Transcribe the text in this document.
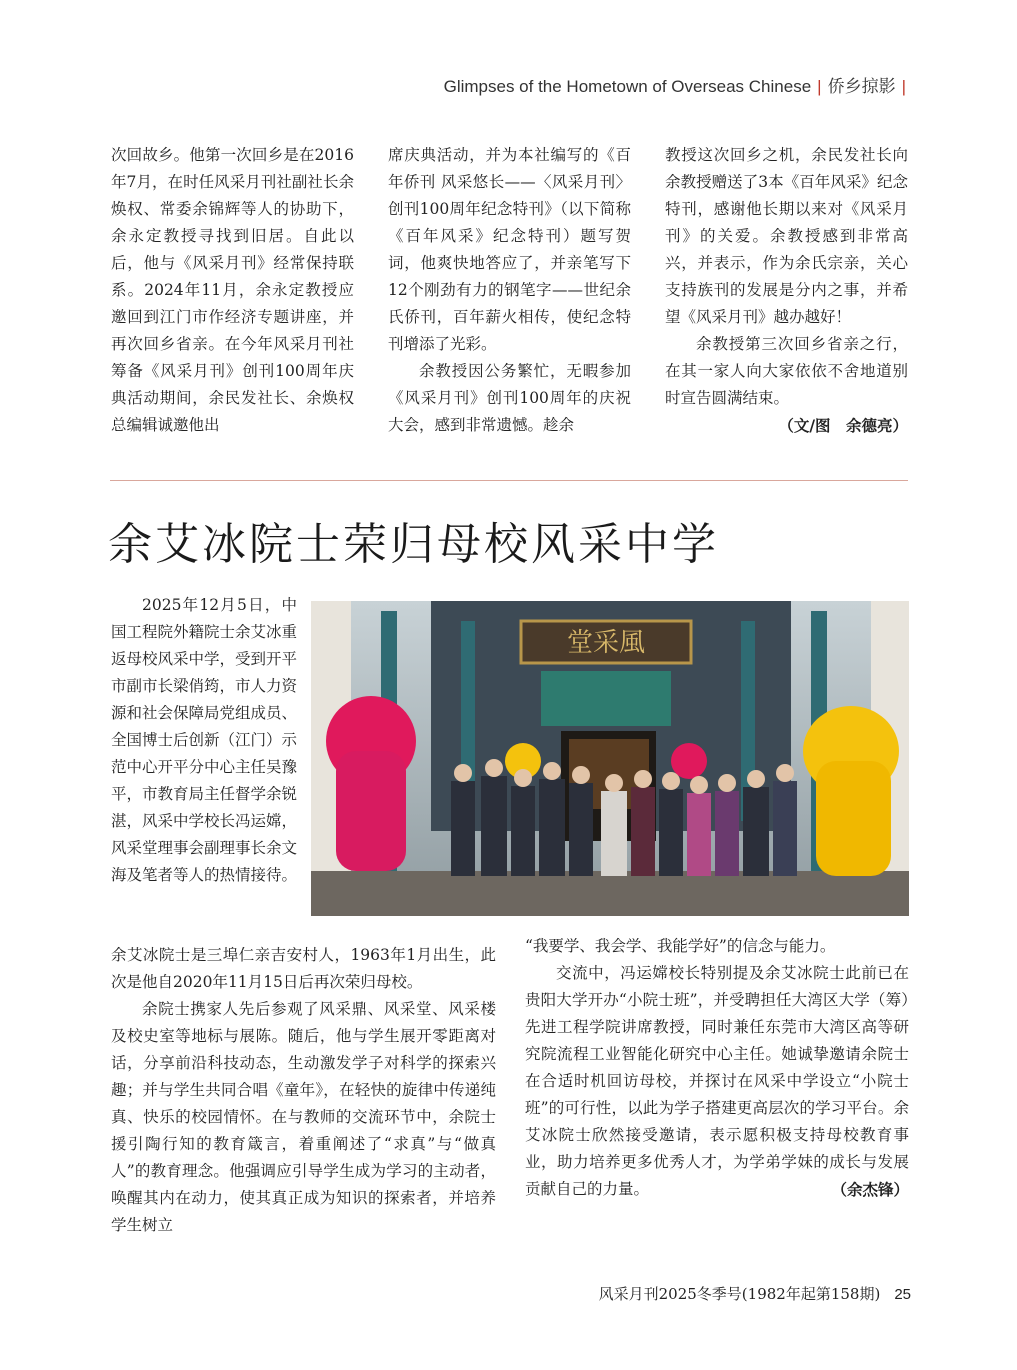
Glimpses of the Hometown of Overseas Chinese | 侨乡掠影 |

次回故乡。他第一次回乡是在2016年7月，在时任风采月刊社副社长余焕权、常委余锦辉等人的协助下，余永定教授寻找到旧居。自此以后，他与《风采月刊》经常保持联系。2024年11月，余永定教授应邀回到江门市作经济专题讲座，并再次回乡省亲。在今年风采月刊社筹备《风采月刊》创刊100周年庆典活动期间，余民发社长、余焕权总编辑诚邀他出

席庆典活动，并为本社编写的《百年侨刊 风采悠长——〈风采月刊〉创刊100周年纪念特刊》（以下简称《百年风采》纪念特刊）题写贺词，他爽快地答应了，并亲笔写下12个刚劲有力的钢笔字——世纪余氏侨刊，百年薪火相传，使纪念特刊增添了光彩。

余教授因公务繁忙，无暇参加《风采月刊》创刊100周年的庆祝大会，感到非常遗憾。趁余

教授这次回乡之机，余民发社长向余教授赠送了3本《百年风采》纪念特刊，感谢他长期以来对《风采月刊》的关爱。余教授感到非常高兴，并表示，作为余氏宗亲，关心支持族刊的发展是分内之事，并希望《风采月刊》越办越好！

余教授第三次回乡省亲之行，在其一家人向大家依依不舍地道别时宣告圆满结束。

（文/图　余德亮）

余艾冰院士荣归母校风采中学

2025年12月5日，中国工程院外籍院士余艾冰重返母校风采中学，受到开平市副市长梁俏筠，市人力资源和社会保障局党组成员、全国博士后创新（江门）示范中心开平分中心主任吴豫平，市教育局主任督学余锐湛，风采中学校长冯运嫦，风采堂理事会副理事长余文海及笔者等人的热情接待。

堂采風

余艾冰院士是三埠仁亲吉安村人，1963年1月出生，此次是他自2020年11月15日后再次荣归母校。

余院士携家人先后参观了风采鼎、风采堂、风采楼及校史室等地标与展陈。随后，他与学生展开零距离对话，分享前沿科技动态，生动激发学子对科学的探索兴趣；并与学生共同合唱《童年》，在轻快的旋律中传递纯真、快乐的校园情怀。在与教师的交流环节中，余院士援引陶行知的教育箴言，着重阐述了“求真”与“做真人”的教育理念。他强调应引导学生成为学习的主动者，唤醒其内在动力，使其真正成为知识的探索者，并培养学生树立

“我要学、我会学、我能学好”的信念与能力。

交流中，冯运嫦校长特别提及余艾冰院士此前已在贵阳大学开办“小院士班”，并受聘担任大湾区大学（筹）先进工程学院讲席教授，同时兼任东莞市大湾区高等研究院流程工业智能化研究中心主任。她诚挚邀请余院士在合适时机回访母校，并探讨在风采中学设立“小院士班”的可行性，以此为学子搭建更高层次的学习平台。余艾冰院士欣然接受邀请，表示愿积极支持母校教育事业，助力培养更多优秀人才，为学弟学妹的成长与发展贡献自己的力量。	（余杰锋）

风采月刊2025冬季号(1982年起第158期) 25
